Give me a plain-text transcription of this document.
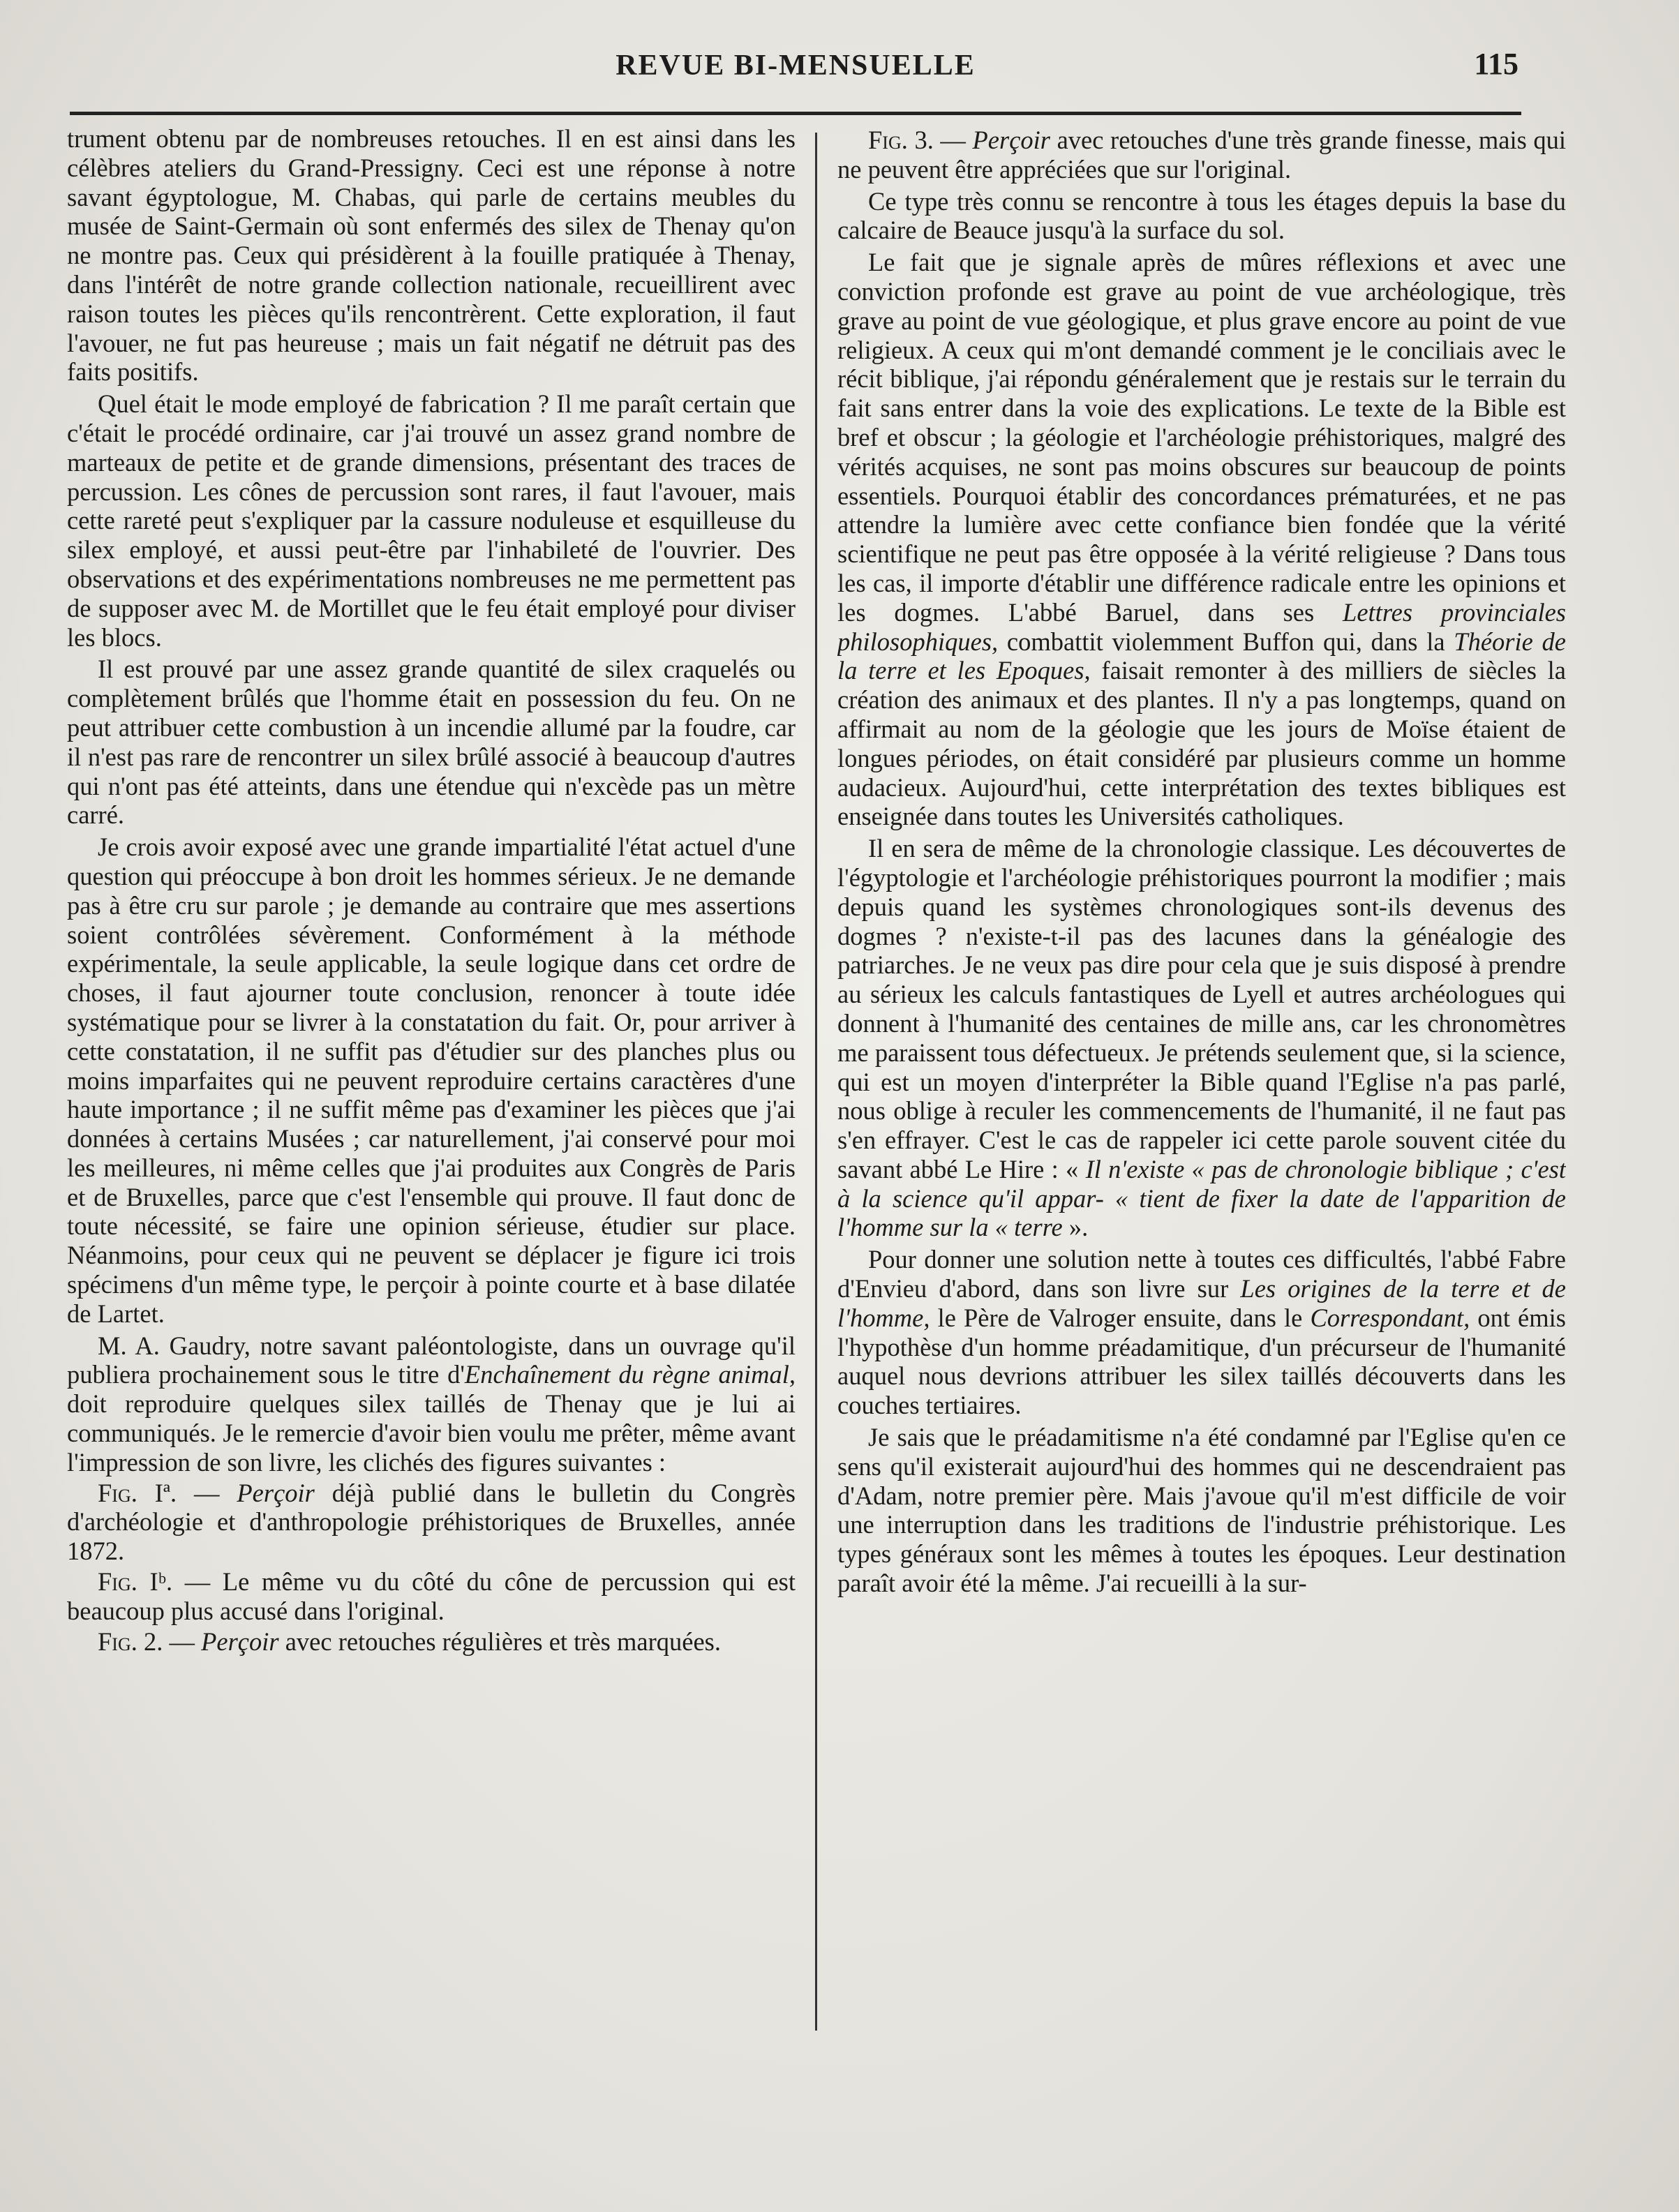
REVUE BI-MENSUELLE	115

trument obtenu par de nombreuses retouches. Il en est ainsi dans les célèbres ateliers du Grand-Pressigny. Ceci est une réponse à notre savant égyptologue, M. Chabas, qui parle de certains meubles du musée de Saint-Germain où sont enfermés des silex de Thenay qu'on ne montre pas. Ceux qui présidèrent à la fouille pratiquée à Thenay, dans l'intérêt de notre grande collection nationale, recueillirent avec raison toutes les pièces qu'ils rencontrèrent. Cette exploration, il faut l'avouer, ne fut pas heureuse ; mais un fait négatif ne détruit pas des faits positifs.

Quel était le mode employé de fabrication ? Il me paraît certain que c'était le procédé ordinaire, car j'ai trouvé un assez grand nombre de marteaux de petite et de grande dimensions, présentant des traces de percussion. Les cônes de percussion sont rares, il faut l'avouer, mais cette rareté peut s'expliquer par la cassure noduleuse et esquilleuse du silex employé, et aussi peut-être par l'inhabileté de l'ouvrier. Des observations et des expérimentations nombreuses ne me permettent pas de supposer avec M. de Mortillet que le feu était employé pour diviser les blocs.

Il est prouvé par une assez grande quantité de silex craquelés ou complètement brûlés que l'homme était en possession du feu. On ne peut attribuer cette combustion à un incendie allumé par la foudre, car il n'est pas rare de rencontrer un silex brûlé associé à beaucoup d'autres qui n'ont pas été atteints, dans une étendue qui n'excède pas un mètre carré.

Je crois avoir exposé avec une grande impartialité l'état actuel d'une question qui préoccupe à bon droit les hommes sérieux. Je ne demande pas à être cru sur parole ; je demande au contraire que mes assertions soient contrôlées sévèrement. Conformément à la méthode expérimentale, la seule applicable, la seule logique dans cet ordre de choses, il faut ajourner toute conclusion, renoncer à toute idée systématique pour se livrer à la constatation du fait. Or, pour arriver à cette constatation, il ne suffit pas d'étudier sur des planches plus ou moins imparfaites qui ne peuvent reproduire certains caractères d'une haute importance ; il ne suffit même pas d'examiner les pièces que j'ai données à certains Musées ; car naturellement, j'ai conservé pour moi les meilleures, ni même celles que j'ai produites aux Congrès de Paris et de Bruxelles, parce que c'est l'ensemble qui prouve. Il faut donc de toute nécessité, se faire une opinion sérieuse, étudier sur place. Néanmoins, pour ceux qui ne peuvent se déplacer je figure ici trois spécimens d'un même type, le perçoir à pointe courte et à base dilatée de Lartet.

M. A. Gaudry, notre savant paléontologiste, dans un ouvrage qu'il publiera prochainement sous le titre d'Enchaînement du règne animal, doit reproduire quelques silex taillés de Thenay que je lui ai communiqués. Je le remercie d'avoir bien voulu me prêter, même avant l'impression de son livre, les clichés des figures suivantes :

Fig. Iª. — Perçoir déjà publié dans le bulletin du Congrès d'archéologie et d'anthropologie préhistoriques de Bruxelles, année 1872.

Fig. Iᵇ. — Le même vu du côté du cône de percussion qui est beaucoup plus accusé dans l'original.

Fig. 2. — Perçoir avec retouches régulières et très marquées.

Fig. 3. — Perçoir avec retouches d'une très grande finesse, mais qui ne peuvent être appréciées que sur l'original.

Ce type très connu se rencontre à tous les étages depuis la base du calcaire de Beauce jusqu'à la surface du sol.

Le fait que je signale après de mûres réflexions et avec une conviction profonde est grave au point de vue archéologique, très grave au point de vue géologique, et plus grave encore au point de vue religieux. A ceux qui m'ont demandé comment je le conciliais avec le récit biblique, j'ai répondu généralement que je restais sur le terrain du fait sans entrer dans la voie des explications. Le texte de la Bible est bref et obscur ; la géologie et l'archéologie préhistoriques, malgré des vérités acquises, ne sont pas moins obscures sur beaucoup de points essentiels. Pourquoi établir des concordances prématurées, et ne pas attendre la lumière avec cette confiance bien fondée que la vérité scientifique ne peut pas être opposée à la vérité religieuse ? Dans tous les cas, il importe d'établir une différence radicale entre les opinions et les dogmes. L'abbé Baruel, dans ses Lettres provinciales philosophiques, combattit violemment Buffon qui, dans la Théorie de la terre et les Epoques, faisait remonter à des milliers de siècles la création des animaux et des plantes. Il n'y a pas longtemps, quand on affirmait au nom de la géologie que les jours de Moïse étaient de longues périodes, on était considéré par plusieurs comme un homme audacieux. Aujourd'hui, cette interprétation des textes bibliques est enseignée dans toutes les Universités catholiques.

Il en sera de même de la chronologie classique. Les découvertes de l'égyptologie et l'archéologie préhistoriques pourront la modifier ; mais depuis quand les systèmes chronologiques sont-ils devenus des dogmes ? n'existe-t-il pas des lacunes dans la généalogie des patriarches. Je ne veux pas dire pour cela que je suis disposé à prendre au sérieux les calculs fantastiques de Lyell et autres archéologues qui donnent à l'humanité des centaines de mille ans, car les chronomètres me paraissent tous défectueux. Je prétends seulement que, si la science, qui est un moyen d'interpréter la Bible quand l'Eglise n'a pas parlé, nous oblige à reculer les commencements de l'humanité, il ne faut pas s'en effrayer. C'est le cas de rappeler ici cette parole souvent citée du savant abbé Le Hire : « Il n'existe « pas de chronologie biblique ; c'est à la science qu'il appar- « tient de fixer la date de l'apparition de l'homme sur la « terre ».

Pour donner une solution nette à toutes ces difficultés, l'abbé Fabre d'Envieu d'abord, dans son livre sur Les origines de la terre et de l'homme, le Père de Valroger ensuite, dans le Correspondant, ont émis l'hypothèse d'un homme préadamitique, d'un précurseur de l'humanité auquel nous devrions attribuer les silex taillés découverts dans les couches tertiaires.

Je sais que le préadamitisme n'a été condamné par l'Eglise qu'en ce sens qu'il existerait aujourd'hui des hommes qui ne descendraient pas d'Adam, notre premier père. Mais j'avoue qu'il m'est difficile de voir une interruption dans les traditions de l'industrie préhistorique. Les types généraux sont les mêmes à toutes les époques. Leur destination paraît avoir été la même. J'ai recueilli à la sur-
